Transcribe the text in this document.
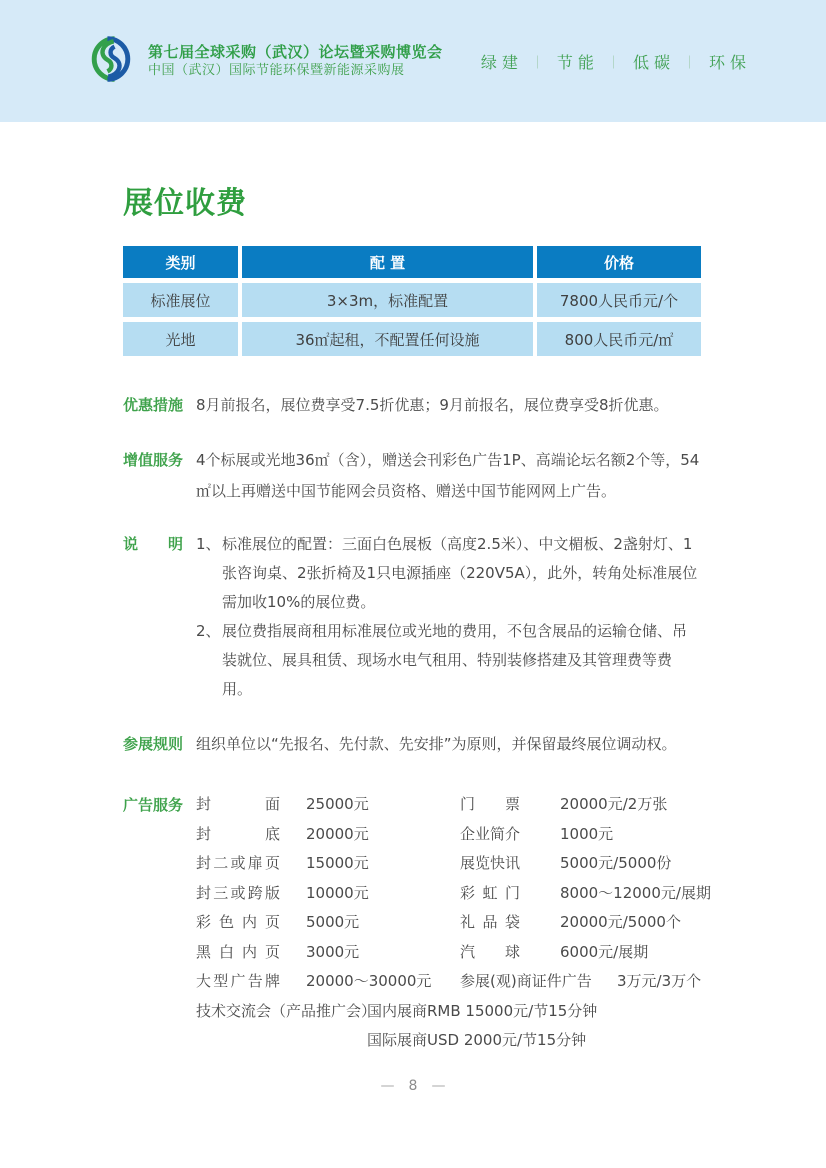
第七届全球采购（武汉）论坛暨采购博览会
中国（武汉）国际节能环保暨新能源采购展	绿建 ｜ 节能 ｜ 低碳 ｜ 环保
展位收费
类别	配 置	价格
标准展位	3×3m，标准配置	7800人民币元/个
光地	36㎡起租，不配置任何设施	800人民币元/㎡
优惠措施 8月前报名，展位费享受7.5折优惠；9月前报名，展位费享受8折优惠。
增值服务 4个标展或光地36㎡（含），赠送会刊彩色广告1P、高端论坛名额2个等，54㎡以上再赠送中国节能网会员资格、赠送中国节能网网上广告。
说明 1、 标准展位的配置：三面白色展板（高度2.5米）、中文楣板、2盏射灯、1张咨询桌、2张折椅及1只电源插座（220V5A），此外，转角处标准展位需加收10%的展位费。
2、 展位费指展商租用标准展位或光地的费用，不包含展品的运输仓储、吊装就位、展具租赁、现场水电气租用、特别装修搭建及其管理费等费用。
参展规则 组织单位以“先报名、先付款、先安排”为原则，并保留最终展位调动权。
广告服务 封面 25000元	门票	20000元/2万张
封底 20000元	企业简介	1000元
封二或扉页 15000元	展览快讯	5000元/5000份
封三或跨版 10000元	彩虹门	8000～12000元/展期
彩色内页 5000元	礼品袋	20000元/5000个
黑白内页 3000元	汽球	6000元/展期
大型广告牌 20000～30000元 参展(观)商证件广告 3万元/3万个
技术交流会（产品推广会）
国内展商RMB 15000元/节15分钟
国际展商USD 2000元/节15分钟
— 8 —
